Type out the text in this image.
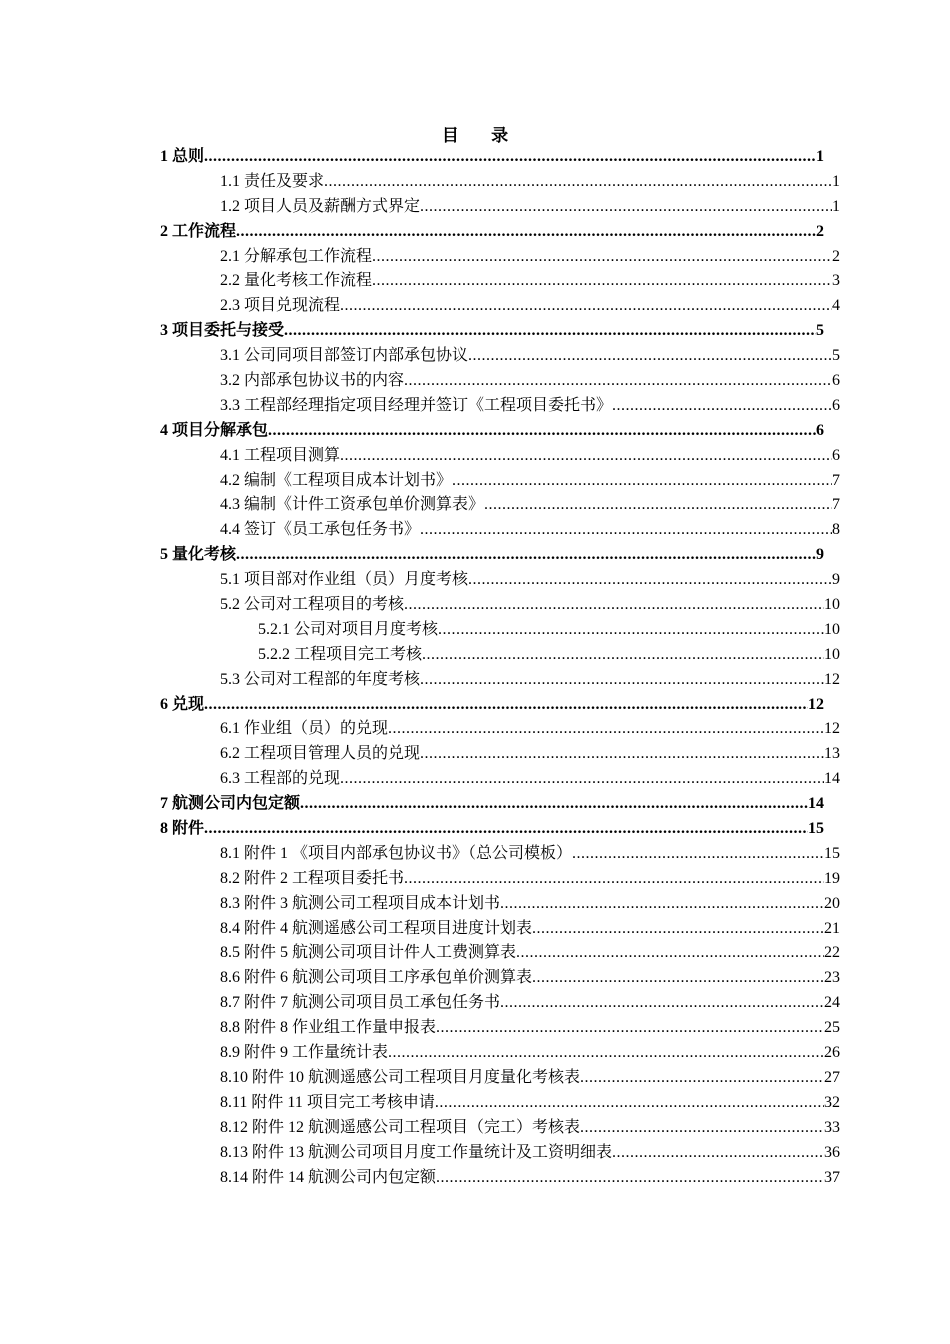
目 录
1 总则 .....	1
1.1 责任及要求 .....	1
1.2 项目人员及薪酬方式界定 .....	1
2 工作流程 .....	2
2.1 分解承包工作流程 .....	2
2.2 量化考核工作流程 .....	3
2.3 项目兑现流程 .....	4
3 项目委托与接受 .....	5
3.1 公司同项目部签订内部承包协议 .....	5
3.2 内部承包协议书的内容 .....	6
3.3 工程部经理指定项目经理并签订《工程项目委托书》 .....	6
4 项目分解承包 .....	6
4.1 工程项目测算 .....	6
4.2 编制《工程项目成本计划书》 .....	7
4.3 编制《计件工资承包单价测算表》 .....	7
4.4 签订《员工承包任务书》 .....	8
5 量化考核 .....	9
5.1 项目部对作业组（员）月度考核 .....	9
5.2 公司对工程项目的考核 .....	10
5.2.1 公司对项目月度考核 .....	10
5.2.2 工程项目完工考核 .....	10
5.3 公司对工程部的年度考核 .....	12
6 兑现 .....	12
6.1 作业组（员）的兑现 .....	12
6.2 工程项目管理人员的兑现 .....	13
6.3 工程部的兑现 .....	14
7 航测公司内包定额 .....	14
8 附件 .....	15
8.1 附件 1 《项目内部承包协议书》（总公司模板） .....	15
8.2 附件 2 工程项目委托书 .....	19
8.3 附件 3 航测公司工程项目成本计划书 .....	20
8.4 附件 4 航测遥感公司工程项目进度计划表 .....	21
8.5 附件 5 航测公司项目计件人工费测算表 .....	22
8.6 附件 6 航测公司项目工序承包单价测算表 .....	23
8.7 附件 7 航测公司项目员工承包任务书 .....	24
8.8 附件 8 作业组工作量申报表 .....	25
8.9 附件 9 工作量统计表 .....	26
8.10 附件 10 航测遥感公司工程项目月度量化考核表 .....	27
8.11 附件 11 项目完工考核申请 .....	32
8.12 附件 12 航测遥感公司工程项目（完工）考核表 .....	33
8.13 附件 13 航测公司项目月度工作量统计及工资明细表 .....	36
8.14 附件 14 航测公司内包定额 .....	37
